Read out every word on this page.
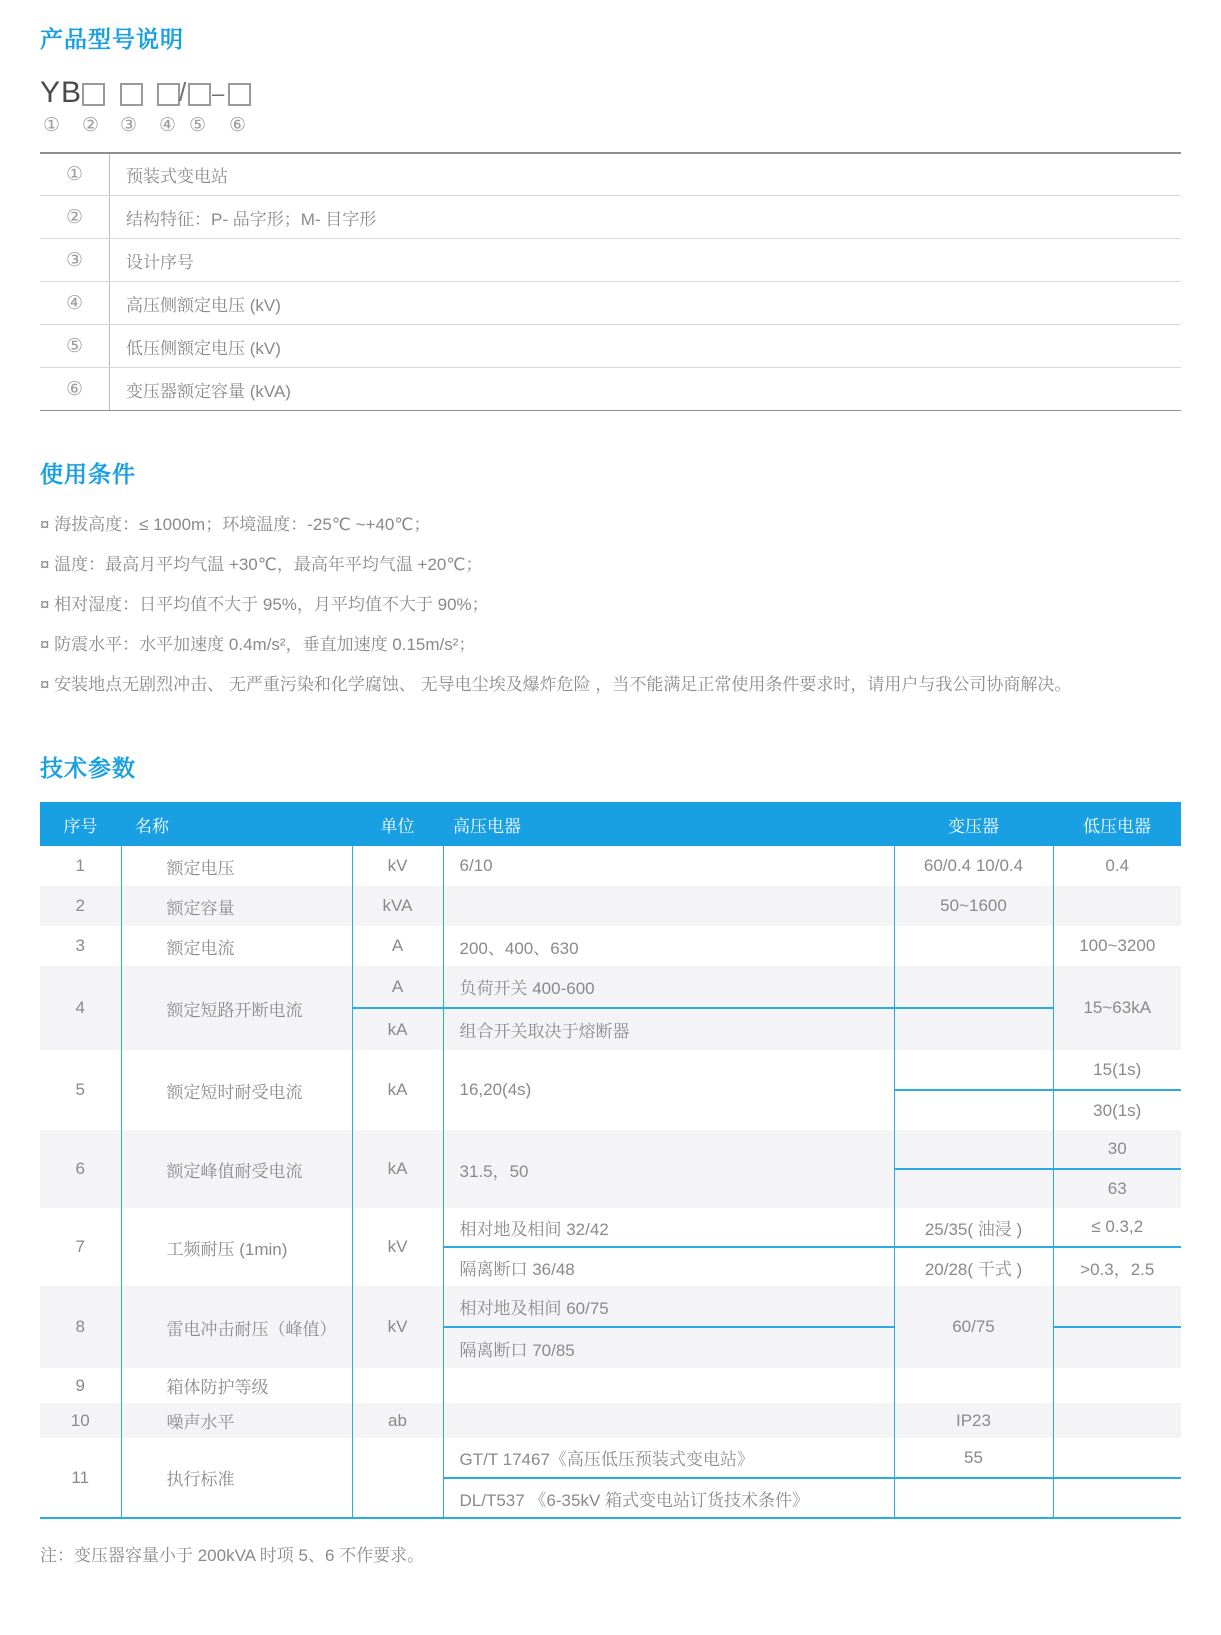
产品型号说明
YB	/ –
① ② ③ ④ ⑤ ⑥
①	预装式变电站
②	结构特征：P- 品字形；M- 目字形
③	设计序号
④	高压侧额定电压 (kV)
⑤	低压侧额定电压 (kV)
⑥	变压器额定容量 (kVA)
使用条件

¤ 海拔高度：≤ 1000m；环境温度：-25℃ ~+40℃；

¤ 温度：最高月平均气温 +30℃，最高年平均气温 +20℃；

¤ 相对湿度：日平均值不大于 95%，月平均值不大于 90%；

¤ 防震水平：水平加速度 0.4m/s²，垂直加速度 0.15m/s²；

¤ 安装地点无剧烈冲击、 无严重污染和化学腐蚀、 无导电尘埃及爆炸危险 ，当不能满足正常使用条件要求时，请用户与我公司协商解决。

技术参数
序号	名称	单位	高压电器	变压器	低压电器
1	额定电压	kV	6/10	60/0.4 10/0.4	0.4
2	额定容量	kVA		50~1600	
3	额定电流	A	200、400、630		100~3200
4	额定短路开断电流	A	负荷开关 400-600		15~63kA
		kA	组合开关取决于熔断器		
5	额定短时耐受电流	kA	16,20(4s)		15(1s)
					30(1s)
6	额定峰值耐受电流	kA	31.5，50		30
					63
7	工频耐压 (1min)	kV	相对地及相间 32/42	25/35( 油浸 )	≤ 0.3,2
			隔离断口 36/48	20/28( 干式 )	>0.3，2.5
8	雷电冲击耐压（峰值）	kV	相对地及相间 60/75	60/75	
			隔离断口 70/85		
9	箱体防护等级				
10	噪声水平	ab		IP23	
11	执行标准		GT/T 17467《高压低压预装式变电站》	55	
			DL/T537 《6-35kV 箱式变电站订货技术条件》		

注：变压器容量小于 200kVA 时项 5、6 不作要求。
